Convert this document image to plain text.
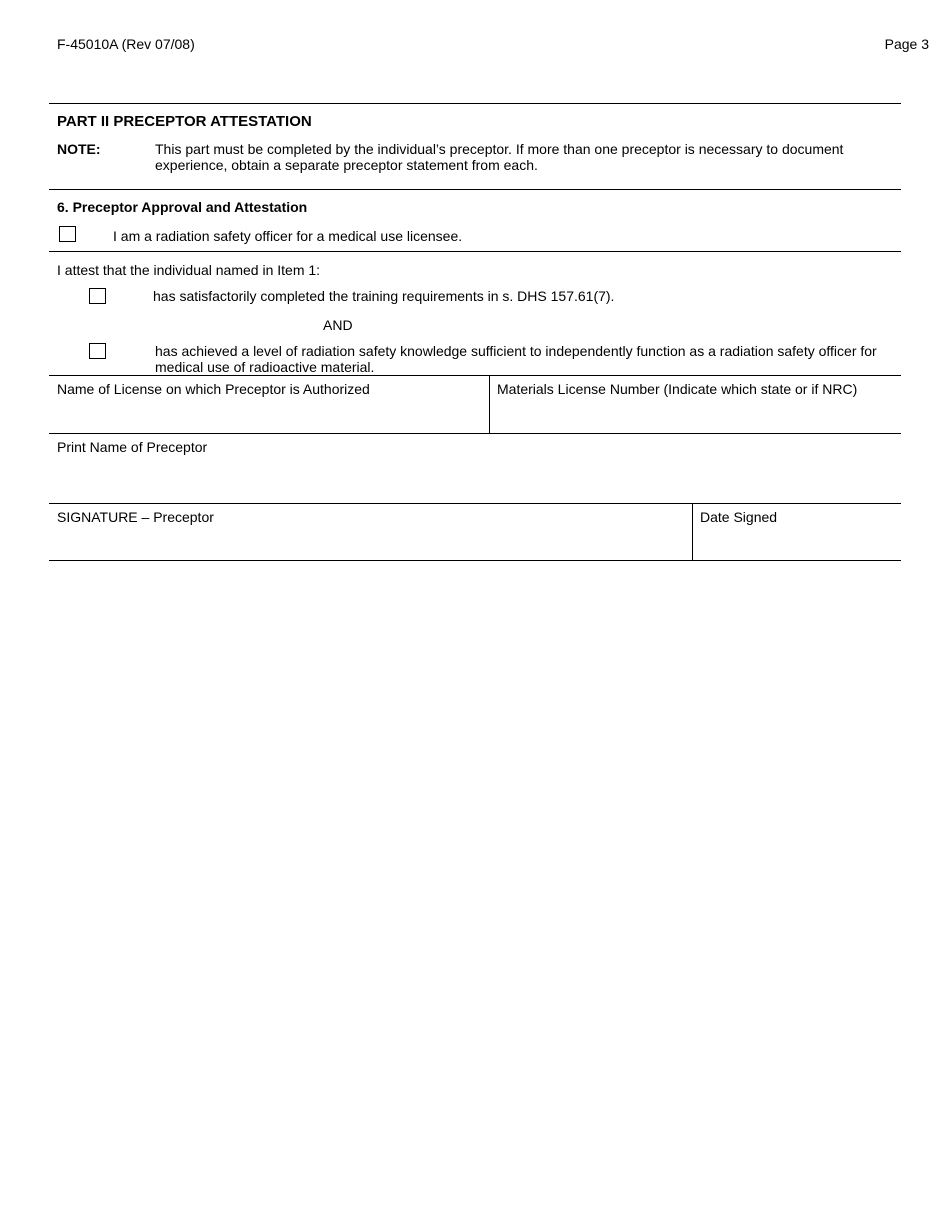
F-45010A (Rev 07/08)	Page 3
PART II PRECEPTOR ATTESTATION
NOTE:	This part must be completed by the individual’s preceptor. If more than one preceptor is necessary to document experience, obtain a separate preceptor statement from each.
6. Preceptor Approval and Attestation
I am a radiation safety officer for a medical use licensee.
I attest that the individual named in Item 1:
has satisfactorily completed the training requirements in s. DHS 157.61(7).
AND
has achieved a level of radiation safety knowledge sufficient to independently function as a radiation safety officer for medical use of radioactive material.
Name of License on which Preceptor is Authorized	Materials License Number (Indicate which state or if NRC)
Print Name of Preceptor
SIGNATURE – Preceptor	Date Signed
